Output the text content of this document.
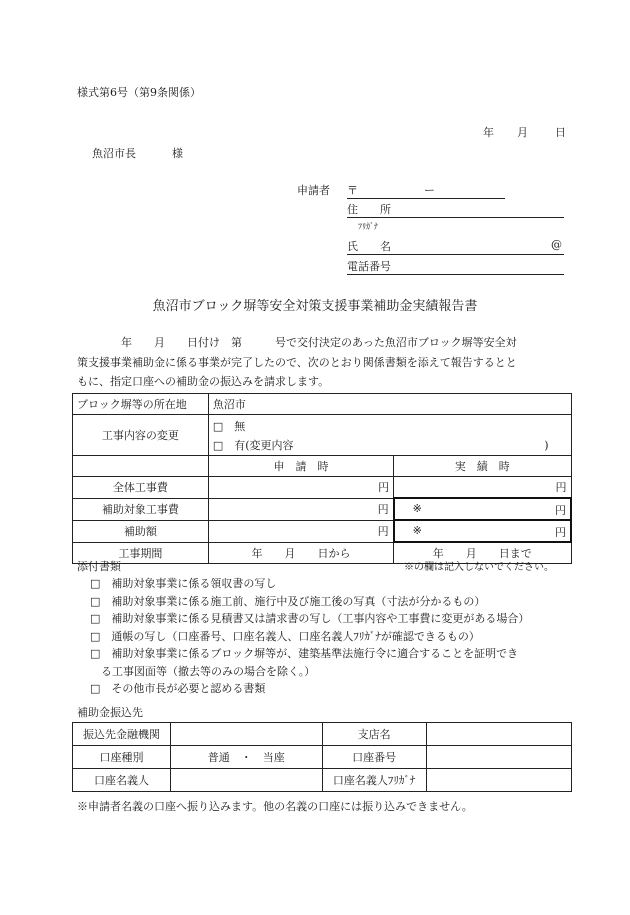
様式第6号（第9条関係）
年 月 日
魚沼市長	様
申請者 〒　　　　　　ー
住　　所
ﾌﾘｶﾞﾅ
氏　　名	@
電話番号
魚沼市ブロック塀等安全対策支援事業補助金実績報告書
　　　　年　　月　　日付け　第　　　号で交付決定のあった魚沼市ブロック塀等安全対
策支援事業補助金に係る事業が完了したので、次のとおり関係書類を添えて報告するとと
もに、指定口座への補助金の振込みを請求します。
ブロック塀等の所在地	魚沼市	
工事内容の変更	□　無
□　有(変更内容 )	

	申　請　時	実　績　時
全体工事費	円	円
補助対象工事費	円	※ 円

補助額	円	※ 円

工事期間	年　　月　　日から	年　　月　　日まで
添付書類	※の欄は記入しないでください。
□　補助対象事業に係る領収書の写し
□　補助対象事業に係る施工前、施行中及び施工後の写真（寸法が分かるもの）
□　補助対象事業に係る見積書又は請求書の写し（工事内容や工事費に変更がある場合）
□　通帳の写し（口座番号、口座名義人、口座名義人ﾌﾘｶﾞﾅが確認できるもの）
□　補助対象事業に係るブロック塀等が、建築基準法施行令に適合することを証明でき
　る工事図面等（撤去等のみの場合を除く。）
□　その他市長が必要と認める書類
補助金振込先
振込先金融機関		支店名	
口座種別	普通　・　当座	口座番号	
口座名義人		口座名義人ﾌﾘｶﾞﾅ	
※申請者名義の口座へ振り込みます。他の名義の口座には振り込みできません。
